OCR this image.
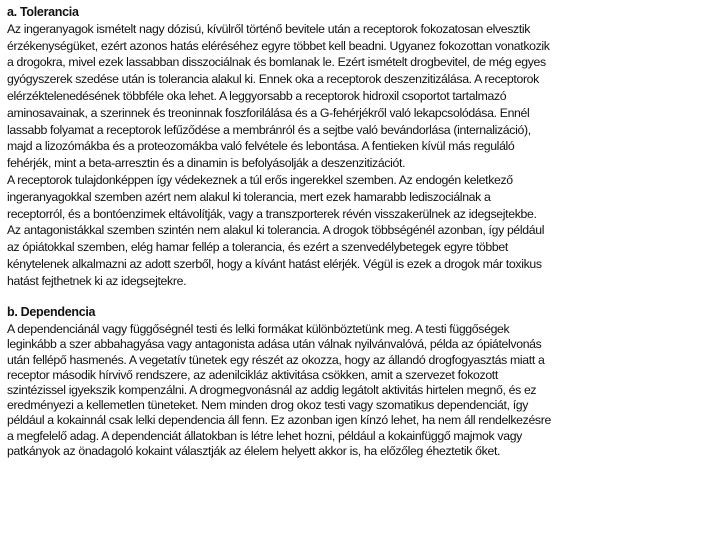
a. Tolerancia
Az ingeranyagok ismételt nagy dózisú, kívülről történő bevitele után a receptorok fokozatosan elvesztik
érzékenységüket, ezért azonos hatás eléréséhez egyre többet kell beadni. Ugyanez fokozottan vonatkozik
a drogokra, mivel ezek lassabban disszociálnak és bomlanak le. Ezért ismételt drogbevitel, de még egyes
gyógyszerek szedése után is tolerancia alakul ki. Ennek oka a receptorok deszenzitizálása. A receptorok
elérzéktelenedésének többféle oka lehet. A leggyorsabb a receptorok hidroxil csoportot tartalmazó
aminosavainak, a szerinnek és treoninnak foszforilálása és a G-fehérjékről való lekapcsolódása. Ennél
lassabb folyamat a receptorok lefűződése a membránról és a sejtbe való bevándorlása (internalizáció),
majd a lizozómákba és a proteozomákba való felvétele és lebontása. A fentieken kívül más reguláló
fehérjék, mint a beta-arresztin és a dinamin is befolyásolják a deszenzitizációt.
A receptorok tulajdonképpen így védekeznek a túl erős ingerekkel szemben. Az endogén keletkező
ingeranyagokkal szemben azért nem alakul ki tolerancia, mert ezek hamarabb lediszociálnak a
receptorról, és a bontóenzimek eltávolítják, vagy a transzporterek révén visszakerülnek az idegsejtekbe.
Az antagonistákkal szemben szintén nem alakul ki tolerancia. A drogok többségénél azonban, így például
az ópiátokkal szemben, elég hamar fellép a tolerancia, és ezért a szenvedélybetegek egyre többet
kénytelenek alkalmazni az adott szerből, hogy a kívánt hatást elérjék. Végül is ezek a drogok már toxikus
hatást fejthetnek ki az idegsejtekre.
b. Dependencia
A dependenciánál vagy függőségnél testi és lelki formákat különböztetünk meg. A testi függőségek
leginkább a szer abbahagyása vagy antagonista adása után válnak nyilvánvalóvá, példa az ópiátelvonás
után fellépő hasmenés. A vegetatív tünetek egy részét az okozza, hogy az állandó drogfogyasztás miatt a
receptor második hírvivő rendszere, az adenilcikláz aktivitása csökken, amit a szervezet fokozott
szintézissel igyekszik kompenzálni. A drogmegvonásnál az addig legátolt aktivitás hirtelen megnő, és ez
eredményezi a kellemetlen tüneteket. Nem minden drog okoz testi vagy szomatikus dependenciát, így
például a kokainnál csak lelki dependencia áll fenn. Ez azonban igen kínzó lehet, ha nem áll rendelkezésre
a megfelelő adag. A dependenciát állatokban is létre lehet hozni, például a kokainfüggő majmok vagy
patkányok az önadagoló kokaint választják az élelem helyett akkor is, ha előzőleg éheztetik őket.
